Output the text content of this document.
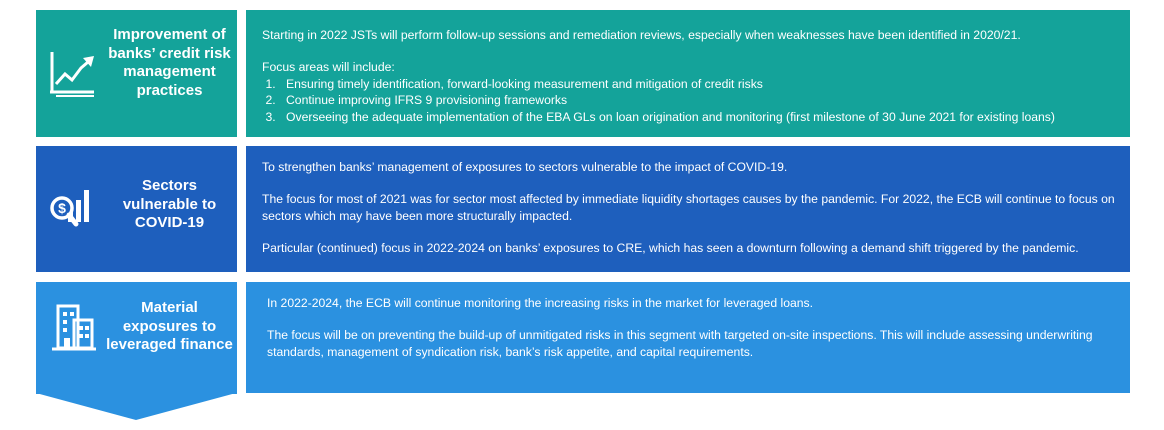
Improvement of banks’ credit risk management practices

Starting in 2022 JSTs will perform follow-up sessions and remediation reviews, especially when weaknesses have been identified in 2020/21.

Focus areas will include:

1. Ensuring timely identification, forward-looking measurement and mitigation of credit risks
2. Continue improving IFRS 9 provisioning frameworks
3. Overseeing the adequate implementation of the EBA GLs on loan origination and monitoring (first milestone of 30 June 2021 for existing loans)
$
Sectors vulnerable to COVID-19

To strengthen banks’ management of exposures to sectors vulnerable to the impact of COVID-19.

The focus for most of 2021 was for sector most affected by immediate liquidity shortages causes by the pandemic. For 2022, the ECB will continue to focus on sectors which may have been more structurally impacted.

Particular (continued) focus in 2022-2024 on banks’ exposures to CRE, which has seen a downturn following a demand shift triggered by the pandemic.

Material exposures to leveraged finance

In 2022-2024, the ECB will continue monitoring the increasing risks in the market for leveraged loans.

The focus will be on preventing the build-up of unmitigated risks in this segment with targeted on-site inspections. This will include assessing underwriting standards, management of syndication risk, bank’s risk appetite, and capital requirements.
